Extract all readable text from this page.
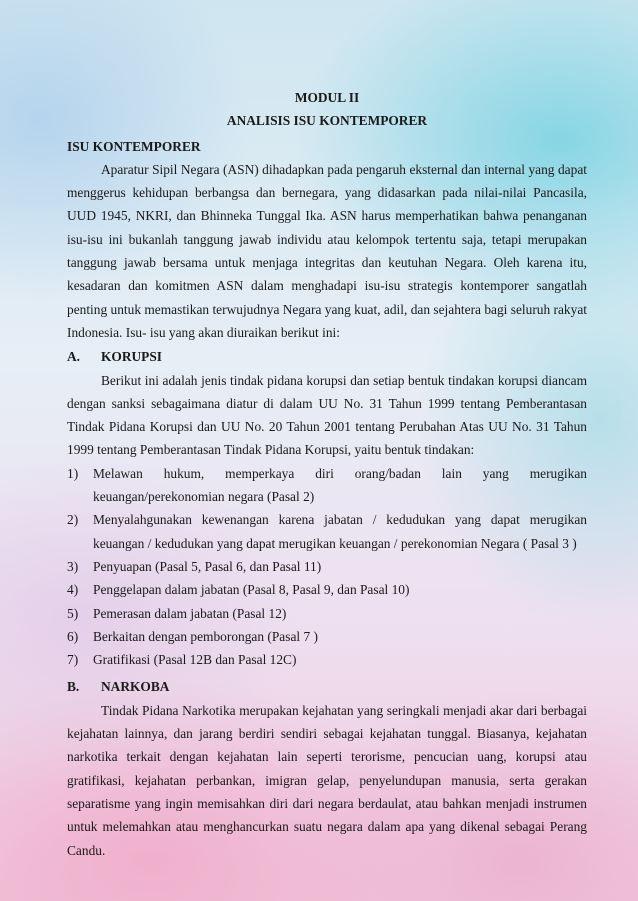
MODUL II
ANALISIS ISU KONTEMPORER
ISU KONTEMPORER

Aparatur Sipil Negara (ASN) dihadapkan pada pengaruh eksternal dan internal yang dapat menggerus kehidupan berbangsa dan bernegara, yang didasarkan pada nilai-nilai Pancasila, UUD 1945, NKRI, dan Bhinneka Tunggal Ika. ASN harus memperhatikan bahwa penanganan isu-isu ini bukanlah tanggung jawab individu atau kelompok tertentu saja, tetapi merupakan tanggung jawab bersama untuk menjaga integritas dan keutuhan Negara. Oleh karena itu, kesadaran dan komitmen ASN dalam menghadapi isu-isu strategis kontemporer sangatlah penting untuk memastikan terwujudnya Negara yang kuat, adil, dan sejahtera bagi seluruh rakyat Indonesia. Isu- isu yang akan diuraikan berikut ini:

A.	KORUPSI

Berikut ini adalah jenis tindak pidana korupsi dan setiap bentuk tindakan korupsi diancam dengan sanksi sebagaimana diatur di dalam UU No. 31 Tahun 1999 tentang Pemberantasan Tindak Pidana Korupsi dan UU No. 20 Tahun 2001 tentang Perubahan Atas UU No. 31 Tahun 1999 tentang Pemberantasan Tindak Pidana Korupsi, yaitu bentuk tindakan:

1)	Melawan hukum, memperkaya diri orang/badan lain yang merugikan keuangan/perekonomian negara (Pasal 2)
2)	Menyalahgunakan kewenangan karena jabatan / kedudukan yang dapat merugikan keuangan / kedudukan yang dapat merugikan keuangan / perekonomian Negara ( Pasal 3 )
3)	Penyuapan (Pasal 5, Pasal 6, dan Pasal 11)
4)	Penggelapan dalam jabatan (Pasal 8, Pasal 9, dan Pasal 10)
5)	Pemerasan dalam jabatan (Pasal 12)
6)	Berkaitan dengan pemborongan (Pasal 7 )
7)	Gratifikasi (Pasal 12B dan Pasal 12C)
B.	NARKOBA

Tindak Pidana Narkotika merupakan kejahatan yang seringkali menjadi akar dari berbagai kejahatan lainnya, dan jarang berdiri sendiri sebagai kejahatan tunggal. Biasanya, kejahatan narkotika terkait dengan kejahatan lain seperti terorisme, pencucian uang, korupsi atau gratifikasi, kejahatan perbankan, imigran gelap, penyelundupan manusia, serta gerakan separatisme yang ingin memisahkan diri dari negara berdaulat, atau bahkan menjadi instrumen untuk melemahkan atau menghancurkan suatu negara dalam apa yang dikenal sebagai Perang Candu.
